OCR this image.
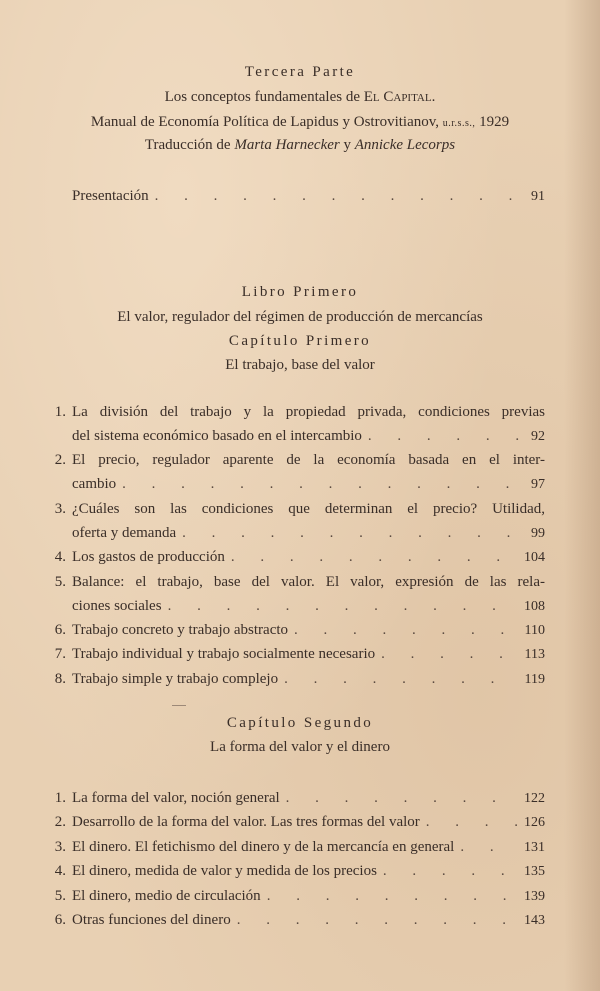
Tercera Parte
Los conceptos fundamentales de El Capital.
Manual de Economía Política de Lapidus y Ostrovitianov, u.r.s.s., 1929
Traducción de Marta Harnecker y Annicke Lecorps
Presentación . . .	91
Libro Primero
El valor, regulador del régimen de producción de mercancías
Capítulo Primero
El trabajo, base del valor
1. La división del trabajo y la propiedad privada, condiciones previas
del sistema económico basado en el intercambio . . .	92
2. El precio, regulador aparente de la economía basada en el inter-
cambio . . .	97
3. ¿Cuáles son las condiciones que determinan el precio? Utilidad,
oferta y demanda . . .	99
4. Los gastos de producción . . .	104
5. Balance: el trabajo, base del valor. El valor, expresión de las rela-
ciones sociales . . .	108
6. Trabajo concreto y trabajo abstracto . . .	110
7. Trabajo individual y trabajo socialmente necesario . . .	113
8. Trabajo simple y trabajo complejo . . .	119
Capítulo Segundo
La forma del valor y el dinero
1. La forma del valor, noción general . . .	122
2. Desarrollo de la forma del valor. Las tres formas del valor . . .	126
3. El dinero. El fetichismo del dinero y de la mercancía en general . . .	131
4. El dinero, medida de valor y medida de los precios . . .	135
5. El dinero, medio de circulación . . .	139
6. Otras funciones del dinero . . .	143
